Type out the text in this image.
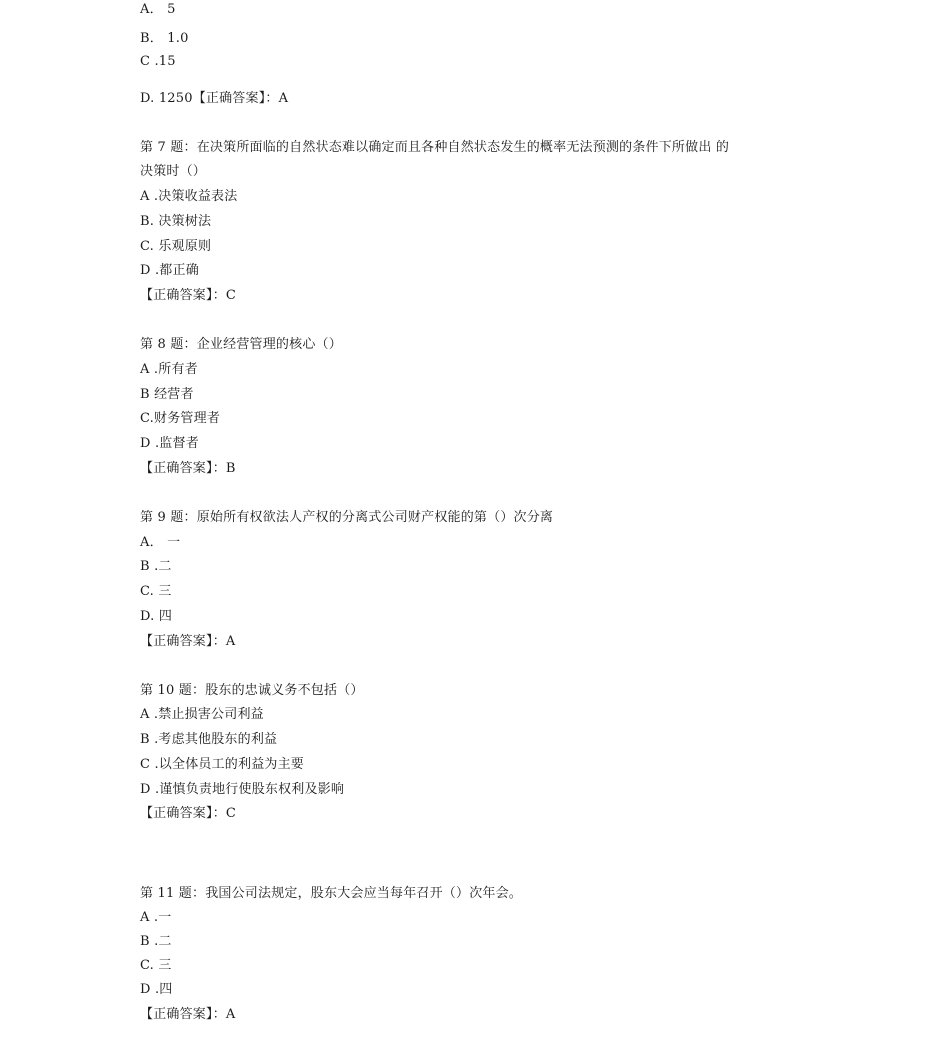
A． 5
B． 1.0
C .15
D. 1250【正确答案】：A
第 7 题：在决策所面临的自然状态难以确定而且各种自然状态发生的概率无法预测的条件下所做出 的
决策时（）
A .决策收益表法
B. 决策树法
C. 乐观原则
D .都正确
【正确答案】：C
第 8 题：企业经营管理的核心（）
A .所有者
B 经营者
C.财务管理者
D .监督者
【正确答案】：B
第 9 题：原始所有权欲法人产权的分离式公司财产权能的第（）次分离
A． 一
B .二
C. 三
D. 四
【正确答案】：A
第 10 题：股东的忠诚义务不包括（）
A .禁止损害公司利益
B .考虑其他股东的利益
C .以全体员工的利益为主要
D .谨慎负责地行使股东权利及影响
【正确答案】：C
第 11 题：我国公司法规定，股东大会应当每年召开（）次年会。
A .一
B .二
C. 三
D .四
【正确答案】：A
